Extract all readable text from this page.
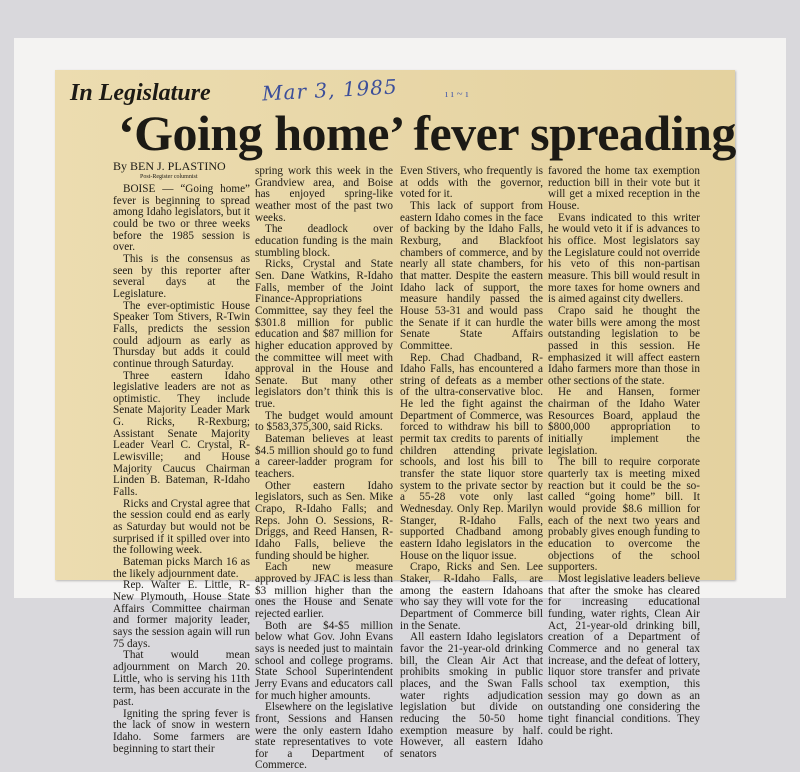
In Legislature	Mar 3, 1985	ı ı ~ ı
‘Going home’ fever spreading
By BEN J. PLASTINO
Post-Register columnist

BOISE — “Going home” fever is beginning to spread among Idaho legislators, but it could be two or three weeks before the 1985 session is over.

This is the consensus as seen by this reporter after several days at the Legislature.

The ever-optimistic House Speaker Tom Stivers, R-Twin Falls, predicts the session could adjourn as early as Thursday but adds it could continue through Saturday.

Three eastern Idaho legislative leaders are not as optimistic. They include Senate Majority Leader Mark G. Ricks, R-Rexburg; Assistant Senate Majority Leader Vearl C. Crystal, R-Lewisville; and House Majority Caucus Chairman Linden B. Bateman, R-Idaho Falls.

Ricks and Crystal agree that the session could end as early as Saturday but would not be surprised if it spilled over into the following week.

Bateman picks March 16 as the likely adjournment date.

Rep. Walter E. Little, R-New Plymouth, House State Affairs Committee chairman and former majority leader, says the session again will run 75 days.

That would mean adjournment on March 20. Little, who is serving his 11th term, has been accurate in the past.

Igniting the spring fever is the lack of snow in western Idaho. Some farmers are beginning to start their

spring work this week in the Grandview area, and Boise has enjoyed spring-like weather most of the past two weeks.

The deadlock over education funding is the main stumbling block.

Ricks, Crystal and State Sen. Dane Watkins, R-Idaho Falls, member of the Joint Finance-Appropriations Committee, say they feel the $301.8 million for public education and $87 million for higher education approved by the committee will meet with approval in the House and Senate. But many other legislators don’t think this is true.

The budget would amount to $583,375,300, said Ricks.

Bateman believes at least $4.5 million should go to fund a career-ladder program for teachers.

Other eastern Idaho legislators, such as Sen. Mike Crapo, R-Idaho Falls; and Reps. John O. Sessions, R-Driggs, and Reed Hansen, R-Idaho Falls, believe the funding should be higher.

Each new measure approved by JFAC is less than $3 million higher than the ones the House and Senate rejected earlier.

Both are $4-$5 million below what Gov. John Evans says is needed just to maintain school and college programs. State School Superintendent Jerry Evans and educators call for much higher amounts.

Elsewhere on the legislative front, Sessions and Hansen were the only eastern Idaho state representatives to vote for a Department of Commerce.

Even Stivers, who frequently is at odds with the governor, voted for it.

This lack of support from eastern Idaho comes in the face of backing by the Idaho Falls, Rexburg, and Blackfoot chambers of commerce, and by nearly all state chambers, for that matter. Despite the eastern Idaho lack of support, the measure handily passed the House 53-31 and would pass the Senate if it can hurdle the Senate State Affairs Committee.

Rep. Chad Chadband, R-Idaho Falls, has encountered a string of defeats as a member of the ultra-conservative bloc. He led the fight against the Department of Commerce, was forced to withdraw his bill to permit tax credits to parents of children attending private schools, and lost his bill to transfer the state liquor store system to the private sector by a 55-28 vote only last Wednesday. Only Rep. Marilyn Stanger, R-Idaho Falls, supported Chadband among eastern Idaho legislators in the House on the liquor issue.

Crapo, Ricks and Sen. Lee Staker, R-Idaho Falls, are among the eastern Idahoans who say they will vote for the Department of Commerce bill in the Senate.

All eastern Idaho legislators favor the 21-year-old drinking bill, the Clean Air Act that prohibits smoking in public places, and the Swan Falls water rights adjudication legislation but divide on reducing the 50-50 home exemption measure by half. However, all eastern Idaho senators

favored the home tax exemption reduction bill in their vote but it will get a mixed reception in the House.

Evans indicated to this writer he would veto it if is advances to his office. Most legislators say the Legislature could not override his veto of this non-partisan measure. This bill would result in more taxes for home owners and is aimed against city dwellers.

Crapo said he thought the water bills were among the most outstanding legislation to be passed in this session. He emphasized it will affect eastern Idaho farmers more than those in other sections of the state.

He and Hansen, former chairman of the Idaho Water Resources Board, applaud the $800,000 appropriation to initially implement the legislation.

The bill to require corporate quarterly tax is meeting mixed reaction but it could be the so-called “going home” bill. It would provide $8.6 million for each of the next two years and probably gives enough funding to education to overcome the objections of the school supporters.

Most legislative leaders believe that after the smoke has cleared for increasing educational funding, water rights, Clean Air Act, 21-year-old drinking bill, creation of a Department of Commerce and no general tax increase, and the defeat of lottery, liquor store transfer and private school tax exemption, this session may go down as an outstanding one considering the tight financial conditions. They could be right.
